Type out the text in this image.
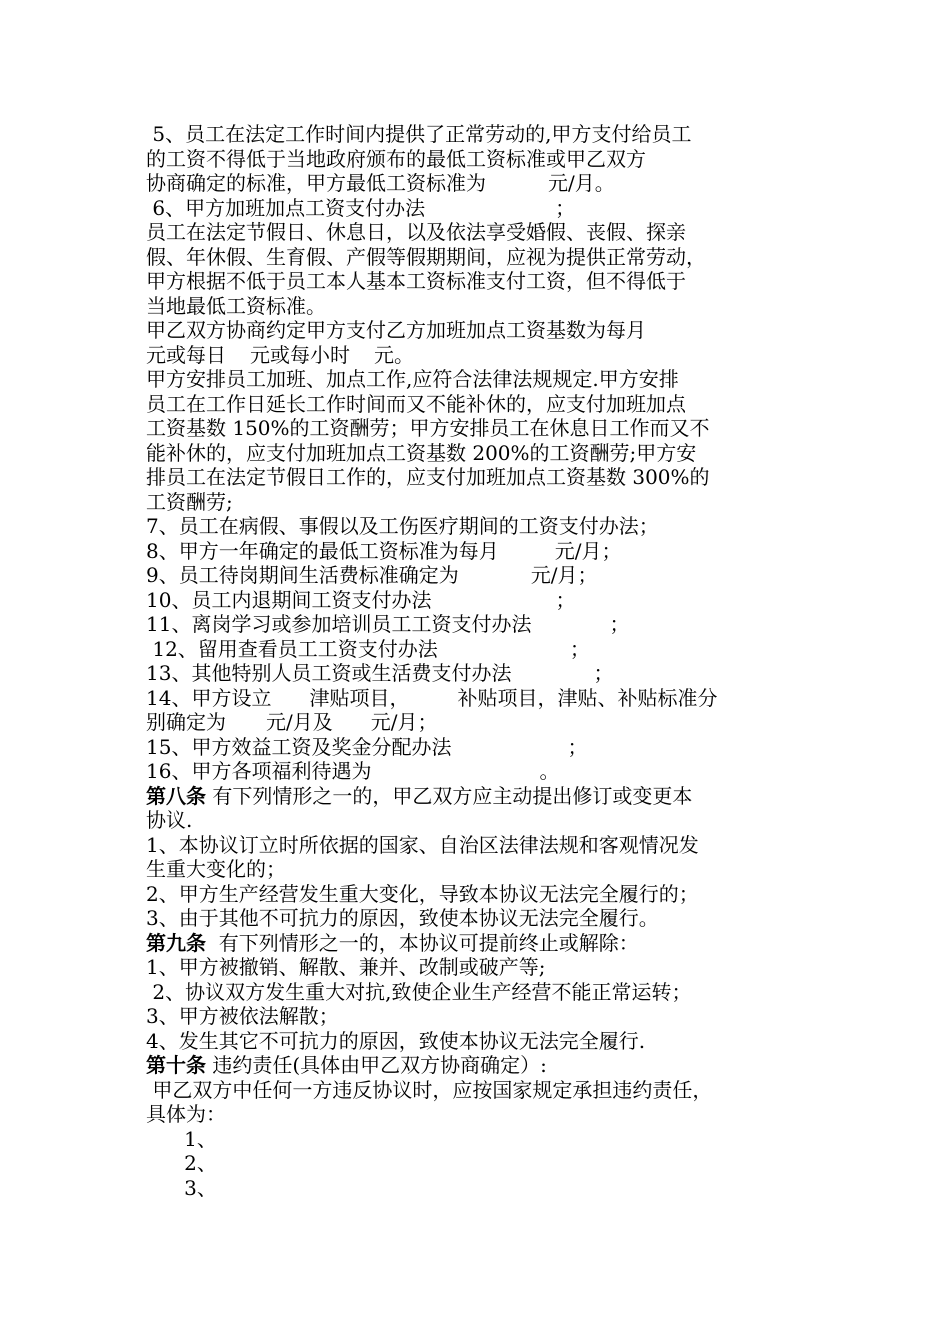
5、员工在法定工作时间内提供了正常劳动的,甲方支付给员工
的工资不得低于当地政府颁布的最低工资标准或甲乙双方
协商确定的标准，甲方最低工资标准为	元/月。
6、甲方加班加点工资支付办法	；
员工在法定节假日、休息日，以及依法享受婚假、丧假、探亲
假、年休假、生育假、产假等假期期间，应视为提供正常劳动，
甲方根据不低于员工本人基本工资标准支付工资，但不得低于
当地最低工资标准。
甲乙双方协商约定甲方支付乙方加班加点工资基数为每月
元或每日 元或每小时 元。
甲方安排员工加班、加点工作,应符合法律法规规定.甲方安排
员工在工作日延长工作时间而又不能补休的，应支付加班加点
工资基数 150%的工资酬劳；甲方安排员工在休息日工作而又不
能补休的，应支付加班加点工资基数 200%的工资酬劳;甲方安
排员工在法定节假日工作的，应支付加班加点工资基数 300%的
工资酬劳;
7、员工在病假、事假以及工伤医疗期间的工资支付办法；
8、甲方一年确定的最低工资标准为每月	元/月；
9、员工待岗期间生活费标准确定为	元/月；
10、员工内退期间工资支付办法	；
11、离岗学习或参加培训员工工资支付办法	；
12、留用查看员工工资支付办法	；
13、其他特别人员工资或生活费支付办法	；
14、甲方设立 津贴项目， 补贴项目，津贴、补贴标准分
别确定为 元/月及 元/月；
15、甲方效益工资及奖金分配办法	；
16、甲方各项福利待遇为	。
第八条 有下列情形之一的，甲乙双方应主动提出修订或变更本
协议.
1、本协议订立时所依据的国家、自治区法律法规和客观情况发
生重大变化的；
2、甲方生产经营发生重大变化，导致本协议无法完全履行的；
3、由于其他不可抗力的原因，致使本协议无法完全履行。
第九条  有下列情形之一的，本协议可提前终止或解除：
1、甲方被撤销、解散、兼并、改制或破产等;
2、协议双方发生重大对抗,致使企业生产经营不能正常运转；
3、甲方被依法解散；
4、发生其它不可抗力的原因，致使本协议无法完全履行.
第十条 违约责任(具体由甲乙双方协商确定）:
甲乙双方中任何一方违反协议时，应按国家规定承担违约责任，
具体为：
1、
2、
3、
